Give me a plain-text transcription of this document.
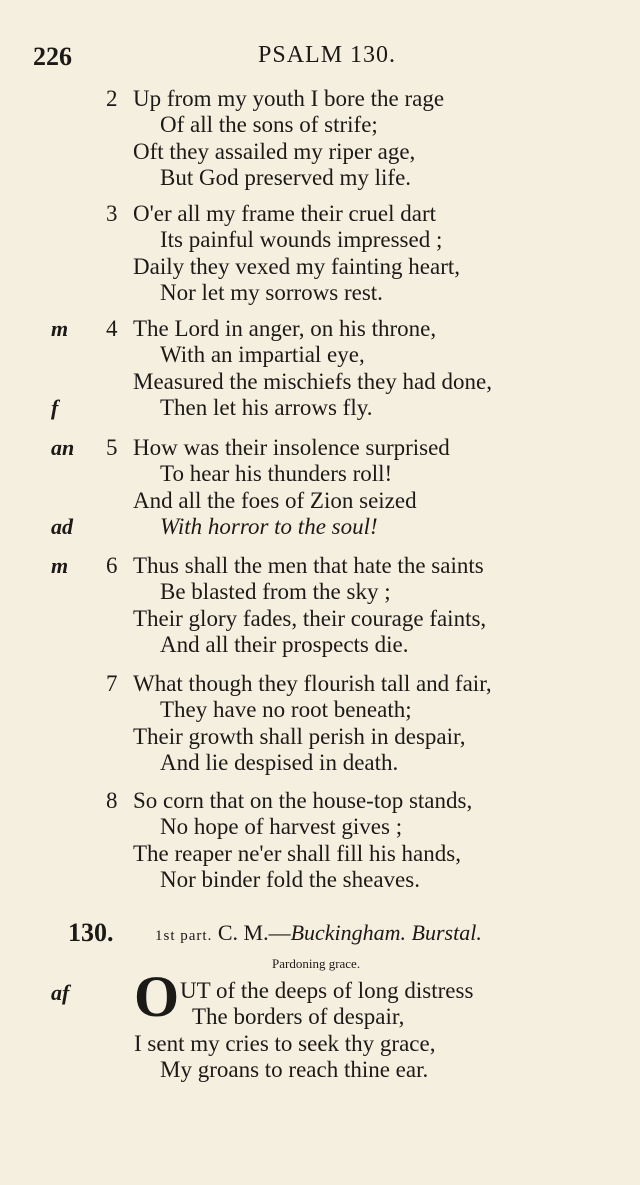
226	PSALM 130.
2 Up from my youth I bore the rage
Of all the sons of strife;
Oft they assailed my riper age,
But God preserved my life.
3 O'er all my frame their cruel dart
Its painful wounds impressed ;
Daily they vexed my fainting heart,
Nor let my sorrows rest.
m
f
4 The Lord in anger, on his throne,
With an impartial eye,
Measured the mischiefs they had done,
Then let his arrows fly.
an
ad
5 How was their insolence surprised
To hear his thunders roll!
And all the foes of Zion seized
With horror to the soul!
m 6 Thus shall the men that hate the saints
Be blasted from the sky ;
Their glory fades, their courage faints,
And all their prospects die.
7 What though they flourish tall and fair,
They have no root beneath;
Their growth shall perish in despair,
And lie despised in death.
8 So corn that on the house-top stands,
No hope of harvest gives ;
The reaper ne'er shall fill his hands,
Nor binder fold the sheaves.
130.	1st part. C. M.—Buckingham. Burstal.
Pardoning grace.
af O UT of the deeps of long distress
The borders of despair,
I sent my cries to seek thy grace,
My groans to reach thine ear.
